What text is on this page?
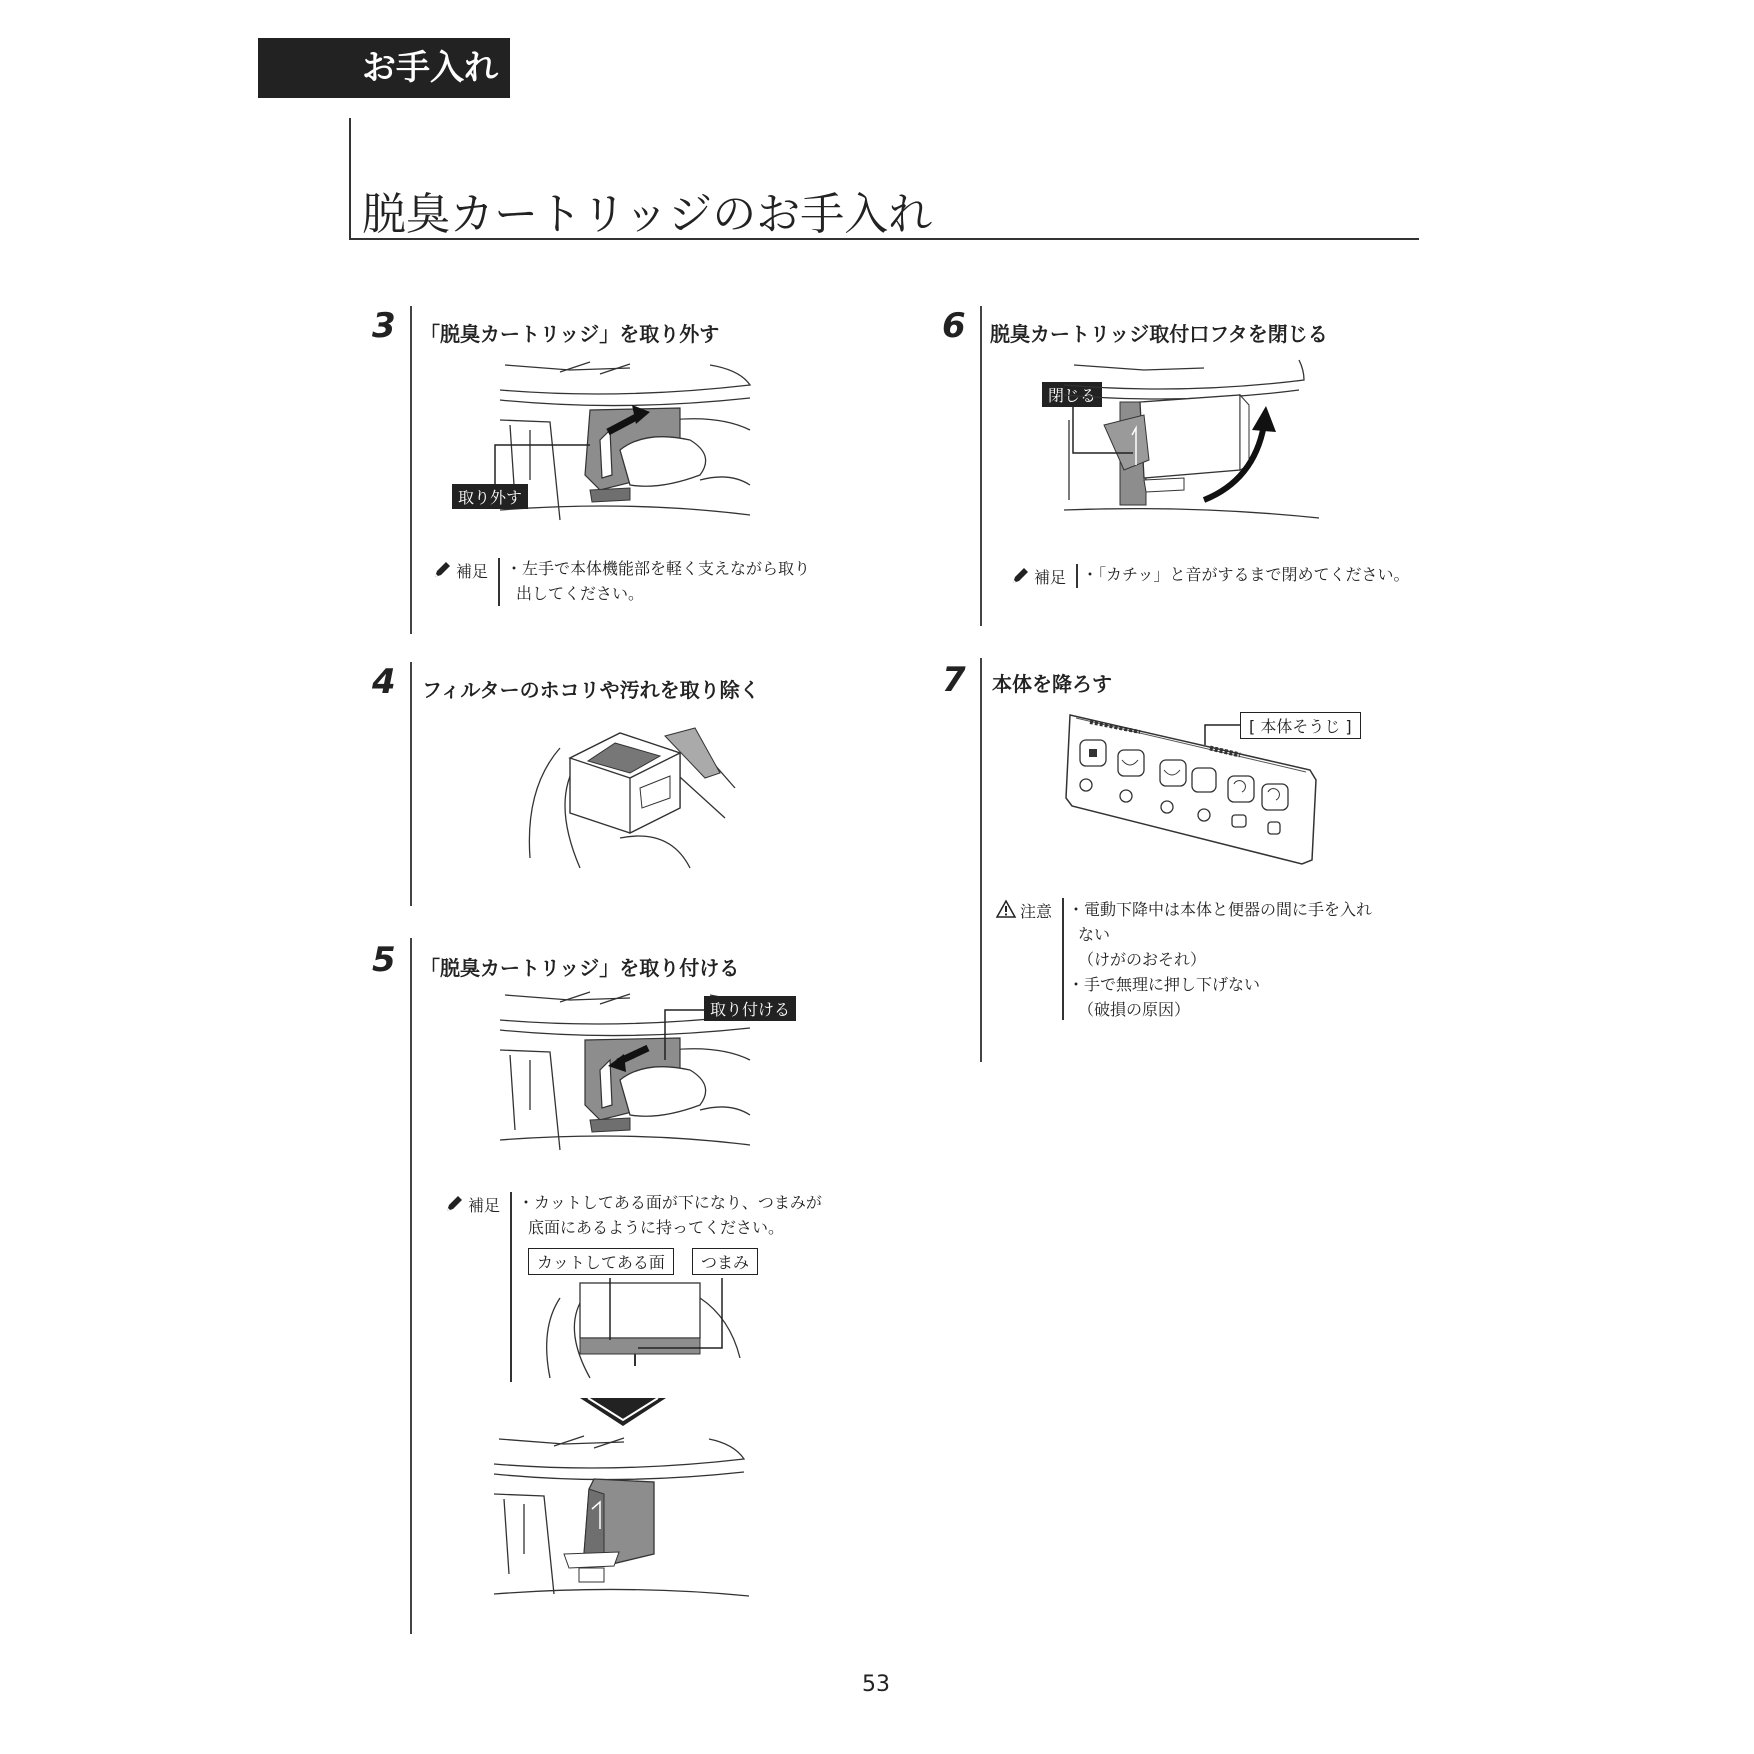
お手入れ
脱臭カートリッジのお手入れ
3 「脱臭カートリッジ」を取り外す
取り外す
補足 ・左手で本体機能部を軽く支えながら取り
出してください。
4 フィルターのホコリや汚れを取り除く
5 「脱臭カートリッジ」を取り付ける
取り付ける
補足 ・カットしてある面が下になり、つまみが
底面にあるように持ってください。
カットしてある面	つまみ
6 脱臭カートリッジ取付口フタを閉じる
閉じる
補足 ・「カチッ」と音がするまで閉めてください。
7 本体を降ろす
[ 本体そうじ ]
注意 ・電動下降中は本体と便器の間に手を入れ
ない
（けがのおそれ）
・手で無理に押し下げない
（破損の原因）
53
